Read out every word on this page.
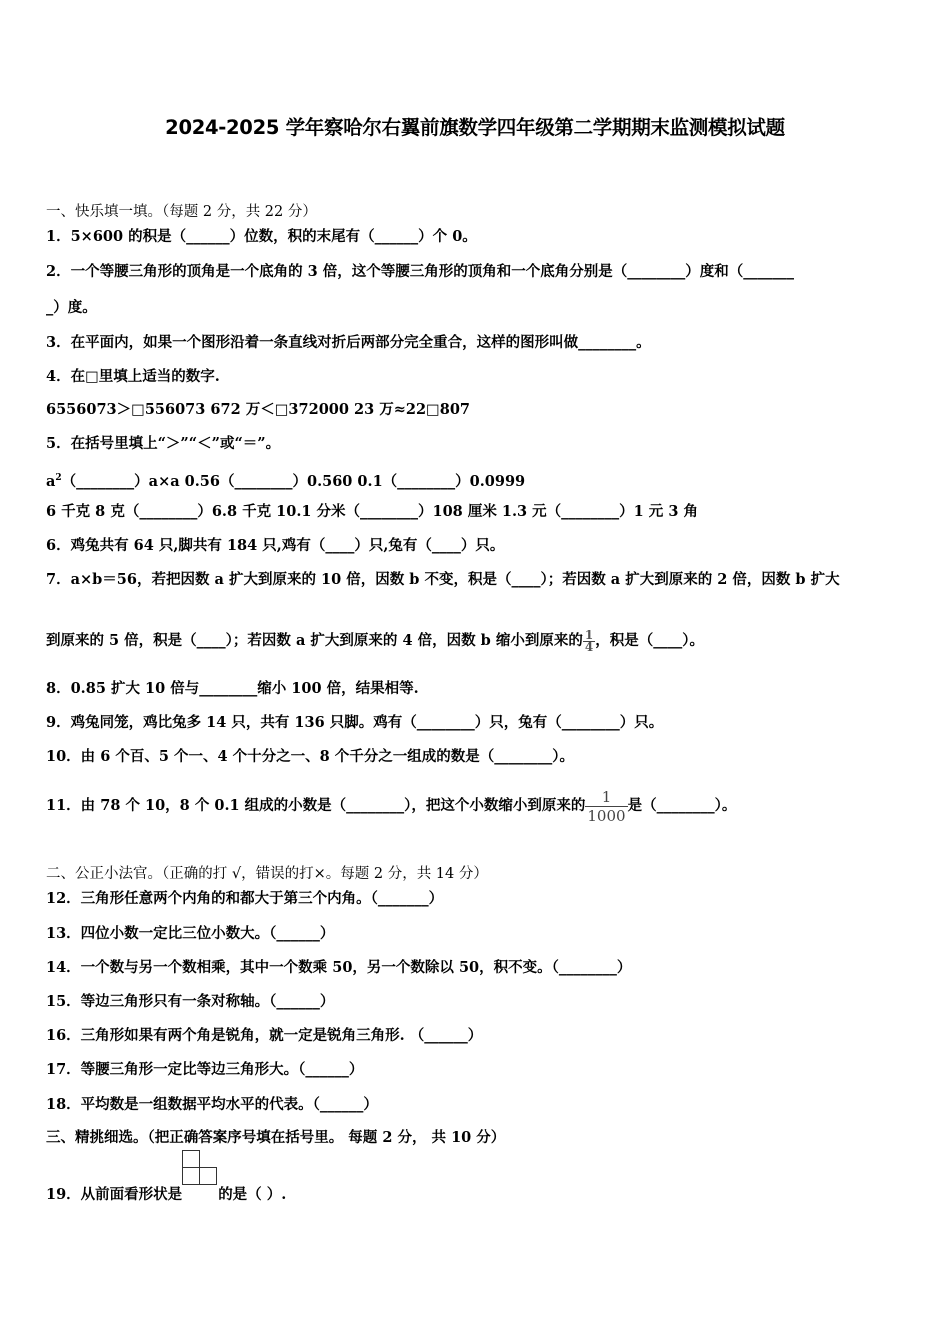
2024-2025 学年察哈尔右翼前旗数学四年级第二学期期末监测模拟试题
一、快乐填一填。（每题 2 分，共 22 分）
1．5×600 的积是（______）位数，积的末尾有（______）个 0。
2．一个等腰三角形的顶角是一个底角的 3 倍，这个等腰三角形的顶角和一个底角分别是（________）度和（_______
_）度。
3．在平面内，如果一个图形沿着一条直线对折后两部分完全重合，这样的图形叫做________。
4．在□里填上适当的数字.
6556073＞□556073 672 万＜□372000 23 万≈22□807
5．在括号里填上“＞”“＜”或“＝”。
$a^2(\_\_\_\_\_\_\_\_)a\times a$ 0.56（________）0.560 0.1（________）0.0999
6 千克 8 克（________）6.8 千克 10.1 分米（________）108 厘米 1.3 元（________）1 元 3 角
6．鸡兔共有 64 只,脚共有 184 只,鸡有（____）只,兔有（____）只。
7．a×b＝56，若把因数 a 扩大到原来的 10 倍，因数 b 不变，积是（____）；若因数 a 扩大到原来的 2 倍，因数 b 扩大
到原来的 5 倍，积是（____）；若因数 a 扩大到原来的 4 倍，因数 b 缩小到原来的 $\frac{1}{4}$ ，积是（____）。
8．0.85 扩大 10 倍与________缩小 100 倍，结果相等.
9．鸡兔同笼，鸡比兔多 14 只，共有 136 只脚。鸡有（________）只，兔有（________）只。
10．由 6 个百、5 个一、4 个十分之一、8 个千分之一组成的数是（________）。
11．由 78 个 10，8 个 0.1 组成的小数是（________），把这个小数缩小到原来的 $\frac{1}{1000}$ 是（________）。
二、公正小法官。（正确的打 √，错误的打×。每题 2 分，共 14 分）
12．三角形任意两个内角的和都大于第三个内角。（_______）
13．四位小数一定比三位小数大。（______）
14．一个数与另一个数相乘，其中一个数乘 50，另一个数除以 50，积不变。（________）
15．等边三角形只有一条对称轴。（______）
16．三角形如果有两个角是锐角，就一定是锐角三角形. （______）
17．等腰三角形一定比等边三角形大。（______）
18．平均数是一组数据平均水平的代表。（______）
三、精挑细选。（把正确答案序号填在括号里。 每题 2 分， 共 10 分）
19．从前面看形状是 的是（ ）.
